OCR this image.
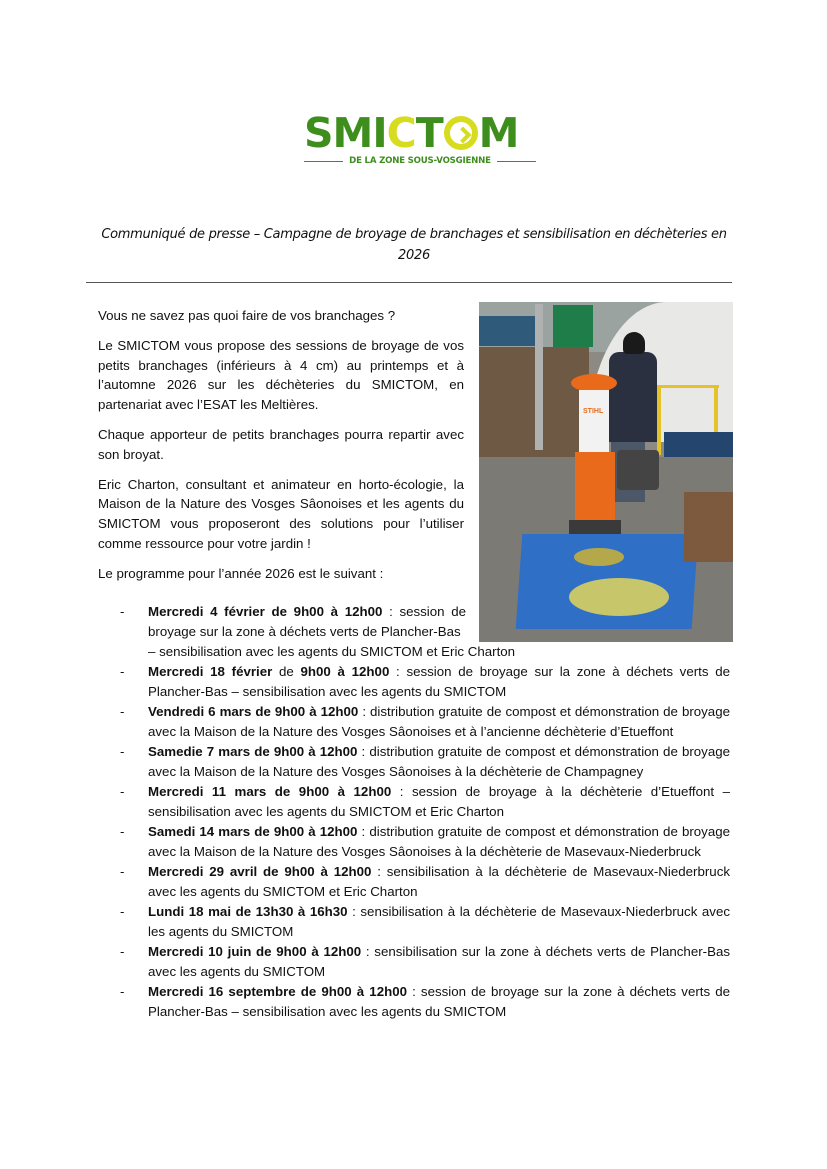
SMICT M
DE LA ZONE SOUS-VOSGIENNE
Communiqué de presse – Campagne de broyage de branchages et sensibilisation en déchèteries en
2026

Vous ne savez pas quoi faire de vos branchages ?

Le SMICTOM vous propose des sessions de broyage de vos petits branchages (inférieurs à 4 cm) au printemps et à l’automne 2026 sur les déchèteries du SMICTOM, en partenariat avec l’ESAT les Meltières.

Chaque apporteur de petits branchages pourra repartir avec son broyat.

Eric Charton, consultant et animateur en horto-écologie, la Maison de la Nature des Vosges Sâonoises et les agents du SMICTOM vous proposeront des solutions pour l’utiliser comme ressource pour votre jardin !

Le programme pour l’année 2026 est le suivant :

STIHL
- Mercredi 4 février de 9h00 à 12h00 : session de broyage sur la zone à déchets verts de Plancher-Bas
– sensibilisation avec les agents du SMICTOM et Eric Charton
- Mercredi 18 février de 9h00 à 12h00 : session de broyage sur la zone à déchets verts de Plancher-Bas – sensibilisation avec les agents du SMICTOM
- Vendredi 6 mars de 9h00 à 12h00 : distribution gratuite de compost et démonstration de broyage avec la Maison de la Nature des Vosges Sâonoises et à l’ancienne déchèterie d’Etueffont
- Samedie 7 mars de 9h00 à 12h00 : distribution gratuite de compost et démonstration de broyage avec la Maison de la Nature des Vosges Sâonoises à la déchèterie de Champagney
- Mercredi 11 mars de 9h00 à 12h00 : session de broyage à la déchèterie d’Etueffont – sensibilisation avec les agents du SMICTOM et Eric Charton
- Samedi 14 mars de 9h00 à 12h00 : distribution gratuite de compost et démonstration de broyage avec la Maison de la Nature des Vosges Sâonoises à la déchèterie de Masevaux-Niederbruck
- Mercredi 29 avril de 9h00 à 12h00 : sensibilisation à la déchèterie de Masevaux-Niederbruck avec les agents du SMICTOM et Eric Charton
- Lundi 18 mai de 13h30 à 16h30 : sensibilisation à la déchèterie de Masevaux-Niederbruck avec les agents du SMICTOM
- Mercredi 10 juin de 9h00 à 12h00 : sensibilisation sur la zone à déchets verts de Plancher-Bas avec les agents du SMICTOM
- Mercredi 16 septembre de 9h00 à 12h00 : session de broyage sur la zone à déchets verts de Plancher-Bas – sensibilisation avec les agents du SMICTOM
